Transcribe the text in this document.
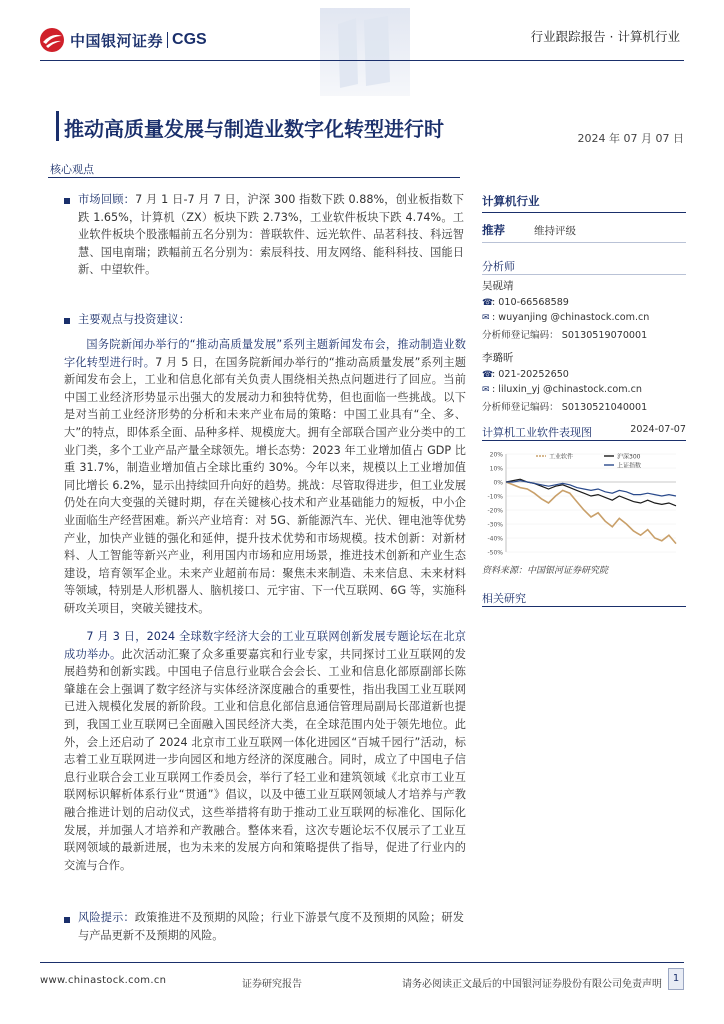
中国银河证券 CGS	行业跟踪报告 · 计算机行业
推动高质量发展与制造业数字化转型进行时	2024 年 07 月 07 日
核心观点

市场回顾：7 月 1 日-7 月 7 日，沪深 300 指数下跌 0.88%，创业板指数下跌 1.65%，计算机（ZX）板块下跌 2.73%，工业软件板块下跌 4.74%。工业软件板块个股涨幅前五名分别为：普联软件、远光软件、品茗科技、科远智慧、国电南瑞；跌幅前五名分别为：索辰科技、用友网络、能科科技、国能日新、中望软件。

主要观点与投资建议：

国务院新闻办举行的“推动高质量发展”系列主题新闻发布会，推动制造业数字化转型进行时。7 月 5 日，在国务院新闻办举行的“推动高质量发展”系列主题新闻发布会上，工业和信息化部有关负责人围绕相关热点问题进行了回应。当前中国工业经济形势显示出强大的发展动力和独特优势，但也面临一些挑战。以下是对当前工业经济形势的分析和未来产业布局的策略：中国工业具有“全、多、大”的特点，即体系全面、品种多样、规模庞大。拥有全部联合国产业分类中的工业门类，多个工业产品产量全球领先。增长态势：2023 年工业增加值占 GDP 比重 31.7%，制造业增加值占全球比重约 30%。今年以来，规模以上工业增加值同比增长 6.2%，显示出持续回升向好的趋势。挑战：尽管取得进步，但工业发展仍处在向大变强的关键时期，存在关键核心技术和产业基础能力的短板，中小企业面临生产经营困难。新兴产业培育：对 5G、新能源汽车、光伏、锂电池等优势产业，加快产业链的强化和延伸，提升技术优势和市场规模。技术创新：对新材料、人工智能等新兴产业，利用国内市场和应用场景，推进技术创新和产业生态建设，培育领军企业。未来产业超前布局：聚焦未来制造、未来信息、未来材料等领域，特别是人形机器人、脑机接口、元宇宙、下一代互联网、6G 等，实施科研攻关项目，突破关键技术。

7 月 3 日，2024 全球数字经济大会的工业互联网创新发展专题论坛在北京成功举办。此次活动汇聚了众多重要嘉宾和行业专家，共同探讨工业互联网的发展趋势和创新实践。中国电子信息行业联合会会长、工业和信息化部原副部长陈肇雄在会上强调了数字经济与实体经济深度融合的重要性，指出我国工业互联网已进入规模化发展的新阶段。工业和信息化部信息通信管理局副局长邵道新也提到，我国工业互联网已全面融入国民经济大类，在全球范围内处于领先地位。此外，会上还启动了 2024 北京市工业互联网一体化进园区“百城千园行”活动，标志着工业互联网进一步向园区和地方经济的深度融合。同时，成立了中国电子信息行业联合会工业互联网工作委员会，举行了轻工业和建筑领域《北京市工业互联网标识解析体系行业“贯通”》倡议，以及中德工业互联网领域人才培养与产教融合推进计划的启动仪式，这些举措将有助于推动工业互联网的标准化、国际化发展，并加强人才培养和产教融合。整体来看，这次专题论坛不仅展示了工业互联网领域的最新进展，也为未来的发展方向和策略提供了指导，促进了行业内的交流与合作。

风险提示：政策推进不及预期的风险；行业下游景气度不及预期的风险；研发与产品更新不及预期的风险。

计算机行业
推荐	维持评级
分析师
吴砚靖
☎: 010-66568589
✉ : wuyanjing @chinastock.com.cn
分析师登记编码： S0130519070001
李璐昕
☎: 021-20252650
✉ : liluxin_yj @chinastock.com.cn
分析师登记编码： S0130521040001
计算机工业软件表现图	2024-07-07
20%
10%
0%
-10%
-20%
-30%
-40%
-50%
工业软件	沪深300
上证指数
资料来源：中国银河证券研究院
相关研究
www.chinastock.com.cn	证券研究报告	请务必阅读正文最后的中国银河证券股份有限公司免责声明
1
